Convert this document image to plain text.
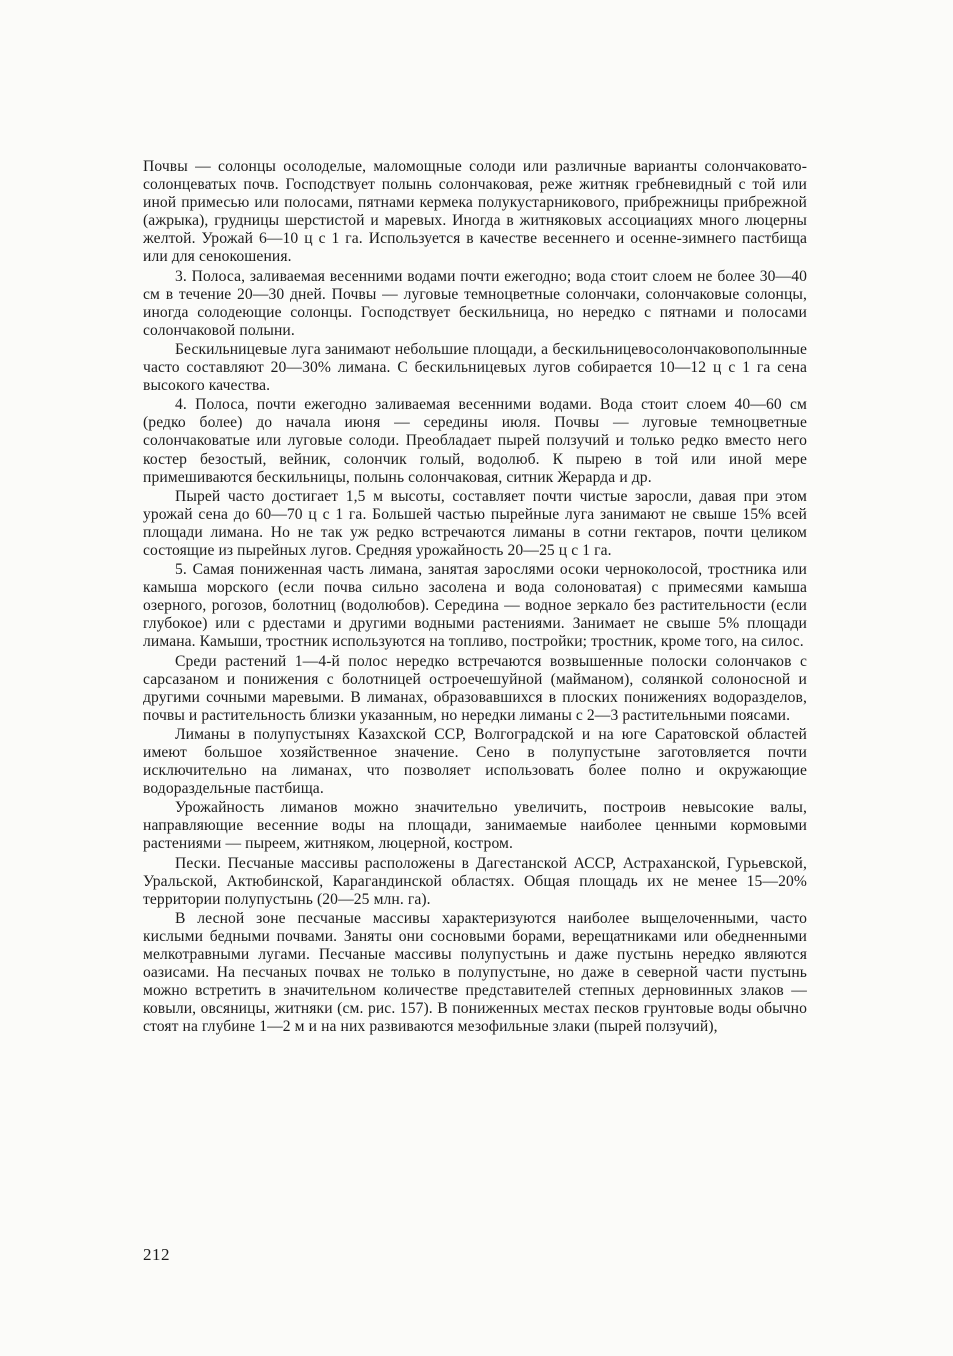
Почвы — солонцы осолоделые, маломощные солоди или различные варианты солончаковато-солонцеватых почв. Господствует полынь солончаковая, реже житняк гребневидный с той или иной примесью или полосами, пятнами кермека полукустарникового, прибрежницы прибрежной (ажрыка), грудницы шерстистой и маревых. Иногда в житняковых ассоциациях много люцерны желтой. Урожай 6—10 ц с 1 га. Используется в качестве весеннего и осенне-зимнего пастбища или для сенокошения.

3. Полоса, заливаемая весенними водами почти ежегодно; вода стоит слоем не более 30—40 см в течение 20—30 дней. Почвы — луговые темноцветные солончаки, солончаковые солонцы, иногда солодеющие солонцы. Господствует бескильница, но нередко с пятнами и полосами солончаковой полыни.

Бескильницевые луга занимают небольшие площади, а бескильницевосолончаковополынные часто составляют 20—30% лимана. С бескильницевых лугов собирается 10—12 ц с 1 га сена высокого качества.

4. Полоса, почти ежегодно заливаемая весенними водами. Вода стоит слоем 40—60 см (редко более) до начала июня — середины июля. Почвы — луговые темноцветные солончаковатые или луговые солоди. Преобладает пырей ползучий и только редко вместо него костер безостый, вейник, солончик голый, водолюб. К пырею в той или иной мере примешиваются бескильницы, полынь солончаковая, ситник Жерарда и др.

Пырей часто достигает 1,5 м высоты, составляет почти чистые заросли, давая при этом урожай сена до 60—70 ц с 1 га. Большей частью пырейные луга занимают не свыше 15% всей площади лимана. Но не так уж редко встречаются лиманы в сотни гектаров, почти целиком состоящие из пырейных лугов. Средняя урожайность 20—25 ц с 1 га.

5. Самая пониженная часть лимана, занятая зарослями осоки черноколосой, тростника или камыша морского (если почва сильно засолена и вода солоноватая) с примесями камыша озерного, рогозов, болотниц (водолюбов). Середина — водное зеркало без растительности (если глубокое) или с рдестами и другими водными растениями. Занимает не свыше 5% площади лимана. Камыши, тростник используются на топливо, постройки; тростник, кроме того, на силос.

Среди растений 1—4-й полос нередко встречаются возвышенные полоски солончаков с сарсазаном и понижения с болотницей остроечешуйной (майманом), солянкой солоносной и другими сочными маревыми. В лиманах, образовавшихся в плоских понижениях водоразделов, почвы и растительность близки указанным, но нередки лиманы с 2—3 растительными поясами.

Лиманы в полупустынях Казахской ССР, Волгоградской и на юге Саратовской областей имеют большое хозяйственное значение. Сено в полупустыне заготовляется почти исключительно на лиманах, что позволяет использовать более полно и окружающие водораздельные пастбища.

Урожайность лиманов можно значительно увеличить, построив невысокие валы, направляющие весенние воды на площади, занимаемые наиболее ценными кормовыми растениями — пыреем, житняком, люцерной, костром.

Пески. Песчаные массивы расположены в Дагестанской АССР, Астраханской, Гурьевской, Уральской, Актюбинской, Карагандинской областях. Общая площадь их не менее 15—20% территории полупустынь (20—25 млн. га).

В лесной зоне песчаные массивы характеризуются наиболее выщелоченными, часто кислыми бедными почвами. Заняты они сосновыми борами, верещатниками или обедненными мелкотравными лугами. Песчаные массивы полупустынь и даже пустынь нередко являются оазисами. На песчаных почвах не только в полупустыне, но даже в северной части пустынь можно встретить в значительном количестве представителей степных дерновинных злаков — ковыли, овсяницы, житняки (см. рис. 157). В пониженных местах песков грунтовые воды обычно стоят на глубине 1—2 м и на них развиваются мезофильные злаки (пырей ползучий),

212
